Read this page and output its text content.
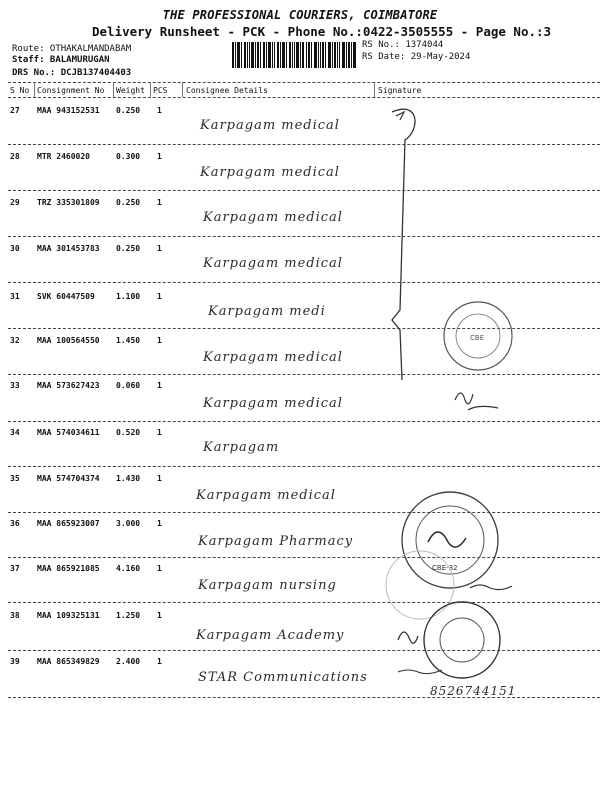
THE PROFESSIONAL COURIERS, COIMBATORE
Delivery Runsheet - PCK - Phone No.:0422-3505555 - Page No.:3
Route: OTHAKALMANDABAM
Staff: BALAMURUGAN
DRS No.: DCJB137404403
RS No.: 1374044
RS Date: 29-May-2024
S No Consignment No Weight PCS Consignee Details	Signature
27 MAA 943152531 0.250 1
Karpagam medical
28 MTR 2460020	0.300 1
Karpagam medical
29 TRZ 335301809 0.250 1
Karpagam medical
30 MAA 301453783 0.250 1
Karpagam medical
31 SVK 60447509	1.100 1
Karpagam medi
32 MAA 100564550 1.450 1
Karpagam medical
33 MAA 573627423 0.060 1
Karpagam medical
34 MAA 574034611 0.520 1
Karpagam
35 MAA 574704374 1.430 1
Karpagam medical
36 MAA 865923007 3.000 1
Karpagam Pharmacy
37 MAA 865921085 4.160 1
Karpagam nursing
38 MAA 109325131 1.250 1
Karpagam Academy
39 MAA 865349829 2.400 1
STAR Communications
8526744151
CBE
CBE-32
